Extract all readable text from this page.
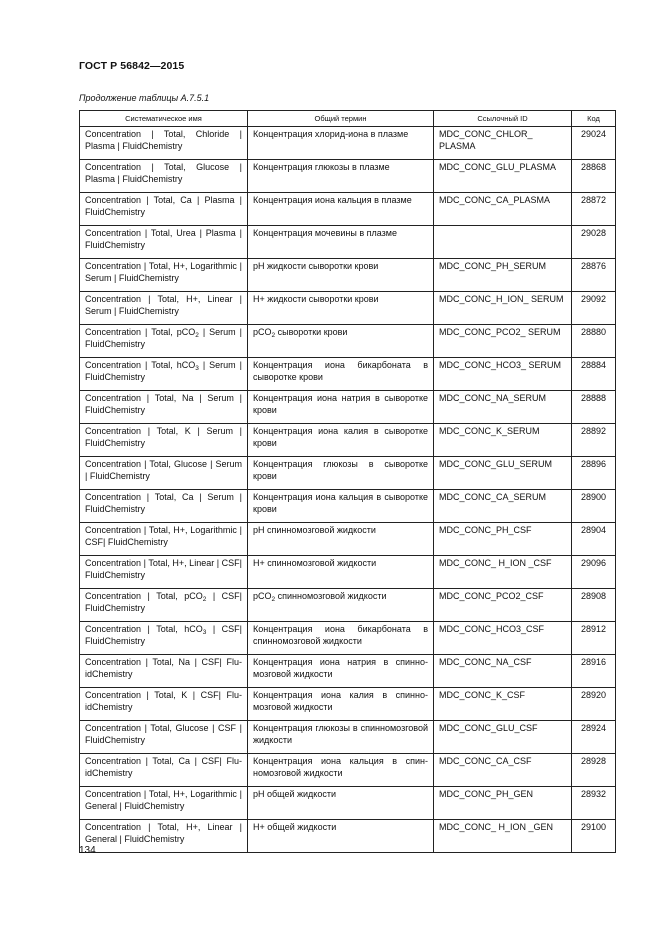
ГОСТ Р 56842—2015
Продолжение таблицы А.7.5.1
Систематическое имя	Общий термин	Ссылочный ID	Код
Concentration | Total, Chloride | Plasma | FluidChemistry	Концентрация хлорид-иона в плазме	MDC_CONC_CHLOR_ PLASMA	29024
Concentration | Total, Glucose | Plasma | FluidChemistry	Концентрация глюкозы в плазме	MDC_CONC_GLU_PLASMA	28868
Concentration | Total, Ca | Plasma | FluidChemistry	Концентрация иона кальция в плазме	MDC_CONC_CA_PLASMA	28872
Concentration | Total, Urea | Plasma | FluidChemistry	Концентрация мочевины в плазме		29028
Concentration | Total, H+, Logarithmic | Serum | FluidChemistry	pH жидкости сыворотки крови	MDC_CONC_PH_SERUM	28876
Concentration | Total, H+, Linear | Serum | FluidChemistry	H+ жидкости сыворотки крови	MDC_CONC_H_ION_ SERUM	29092
Concentration | Total, pCO$_2$ | Serum | FluidChemistry	pCO$_2$ сыворотки крови	MDC_CONC_PCO2_ SERUM	28880
Concentration | Total, hCO$_3$ | Serum | FluidChemistry	Концентрация иона бикарбоната в сыворотке крови	MDC_CONC_HCO3_ SERUM	28884
Concentration | Total, Na | Serum | FluidChemistry	Концентрация иона натрия в сыворотке крови	MDC_CONC_NA_SERUM	28888
Concentration | Total, K | Serum | FluidChemistry	Концентрация иона калия в сыворотке крови	MDC_CONC_K_SERUM	28892
Concentration | Total, Glucose | Serum | FluidChemistry	Концентрация глюкозы в сыворотке крови	MDC_CONC_GLU_SERUM	28896
Concentration | Total, Ca | Serum | FluidChemistry	Концентрация иона кальция в сыворотке крови	MDC_CONC_CA_SERUM	28900
Concentration | Total, H+, Logarithmic | CSF| FluidChemistry	pH спинномозговой жидкости	MDC_CONC_PH_CSF	28904
Concentration | Total, H+, Linear | CSF| FluidChemistry	H+ спинномозговой жидкости	MDC_CONC_ H_ION _CSF	29096
Concentration | Total, pCO$_2$ | CSF| FluidChemistry	pCO$_2$ спинномозговой жидкости	MDC_CONC_PCO2_CSF	28908
Concentration | Total, hCO$_3$ | CSF| FluidChemistry	Концентрация иона бикарбоната в спинномозговой жидкости	MDC_CONC_HCO3_CSF	28912
Concentration | Total, Na | CSF| FluidChemistry	Концентрация иона натрия в спинномозговой жидкости	MDC_CONC_NA_CSF	28916
Concentration | Total, K | CSF| FluidChemistry	Концентрация иона калия в спинномозговой жидкости	MDC_CONC_K_CSF	28920
Concentration | Total, Glucose | CSF | FluidChemistry	Концентрация глюкозы в спинномозговой жидкости	MDC_CONC_GLU_CSF	28924
Concentration | Total, Ca | CSF| FluidChemistry	Концентрация иона кальция в спинномозговой жидкости	MDC_CONC_CA_CSF	28928
Concentration | Total, H+, Logarithmic | General | FluidChemistry	pH общей жидкости	MDC_CONC_PH_GEN	28932
Concentration | Total, H+, Linear | General | FluidChemistry	H+ общей жидкости	MDC_CONC_ H_ION _GEN	29100
134
